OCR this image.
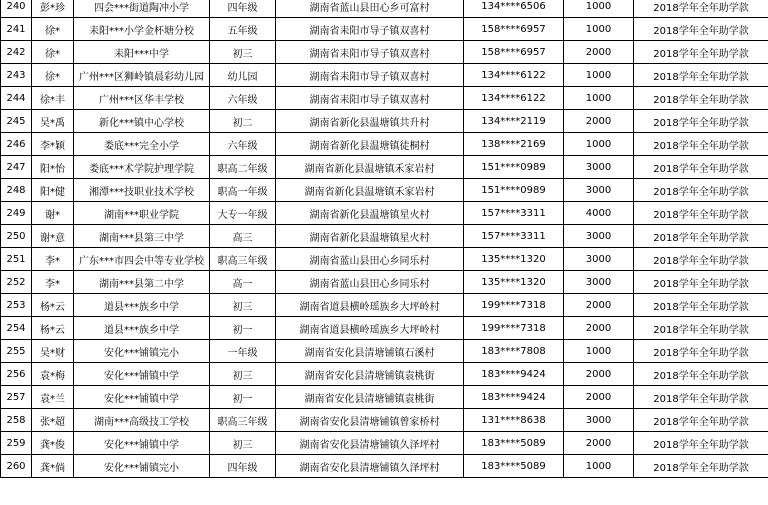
240	彭*珍	四会***街道陶冲小学	四年级	湖南省蓝山县田心乡可富村	134****6506	1000	2018学年全年助学款
241	徐*	耒阳***小学金杯塘分校	五年级	湖南省耒阳市导子镇双喜村	158****6957	1000	2018学年全年助学款
242	徐*	耒阳***中学	初三	湖南省耒阳市导子镇双喜村	158****6957	2000	2018学年全年助学款
243	徐*	广州***区狮岭镇晨彩幼儿园	幼儿园	湖南省耒阳市导子镇双喜村	134****6122	1000	2018学年全年助学款
244	徐*丰	广州***区华丰学校	六年级	湖南省耒阳市导子镇双喜村	134****6122	1000	2018学年全年助学款
245	吴*禹	新化***镇中心学校	初二	湖南省新化县温塘镇共升村	134****2119	2000	2018学年全年助学款
246	李*颖	娄底***完全小学	六年级	湖南省新化县温塘镇徒桐村	138****2169	1000	2018学年全年助学款
247	阳*怡	娄底***术学院护理学院	职高二年级	湖南省新化县温塘镇禾家岩村	151****0989	3000	2018学年全年助学款
248	阳*健	湘潭***技职业技术学校	职高一年级	湖南省新化县温塘镇禾家岩村	151****0989	3000	2018学年全年助学款
249	谢*	湖南***职业学院	大专一年级	湖南省新化县温塘镇星火村	157****3311	4000	2018学年全年助学款
250	谢*意	湖南***县第三中学	高三	湖南省新化县温塘镇星火村	157****3311	3000	2018学年全年助学款
251	李*	广东***市四会中等专业学校	职高三年级	湖南省蓝山县田心乡同乐村	135****1320	3000	2018学年全年助学款
252	李*	湖南***县第二中学	高一	湖南省蓝山县田心乡同乐村	135****1320	3000	2018学年全年助学款
253	杨*云	道县***族乡中学	初三	湖南省道县横岭瑶族乡大坪岭村	199****7318	2000	2018学年全年助学款
254	杨*云	道县***族乡中学	初一	湖南省道县横岭瑶族乡大坪岭村	199****7318	2000	2018学年全年助学款
255	吴*财	安化***铺镇完小	一年级	湖南省安化县清塘铺镇石溪村	183****7808	1000	2018学年全年助学款
256	袁*梅	安化***铺镇中学	初三	湖南省安化县清塘铺镇袁桃街	183****9424	2000	2018学年全年助学款
257	袁*兰	安化***铺镇中学	初一	湖南省安化县清塘铺镇袁桃街	183****9424	2000	2018学年全年助学款
258	张*超	湖南***高级技工学校	职高三年级	湖南省安化县清塘铺镇曾家桥村	131****8638	3000	2018学年全年助学款
259	龚*俊	安化***铺镇中学	初三	湖南省安化县清塘铺镇久泽坪村	183****5089	2000	2018学年全年助学款
260	龚*倘	安化***铺镇完小	四年级	湖南省安化县清塘铺镇久泽坪村	183****5089	1000	2018学年全年助学款
